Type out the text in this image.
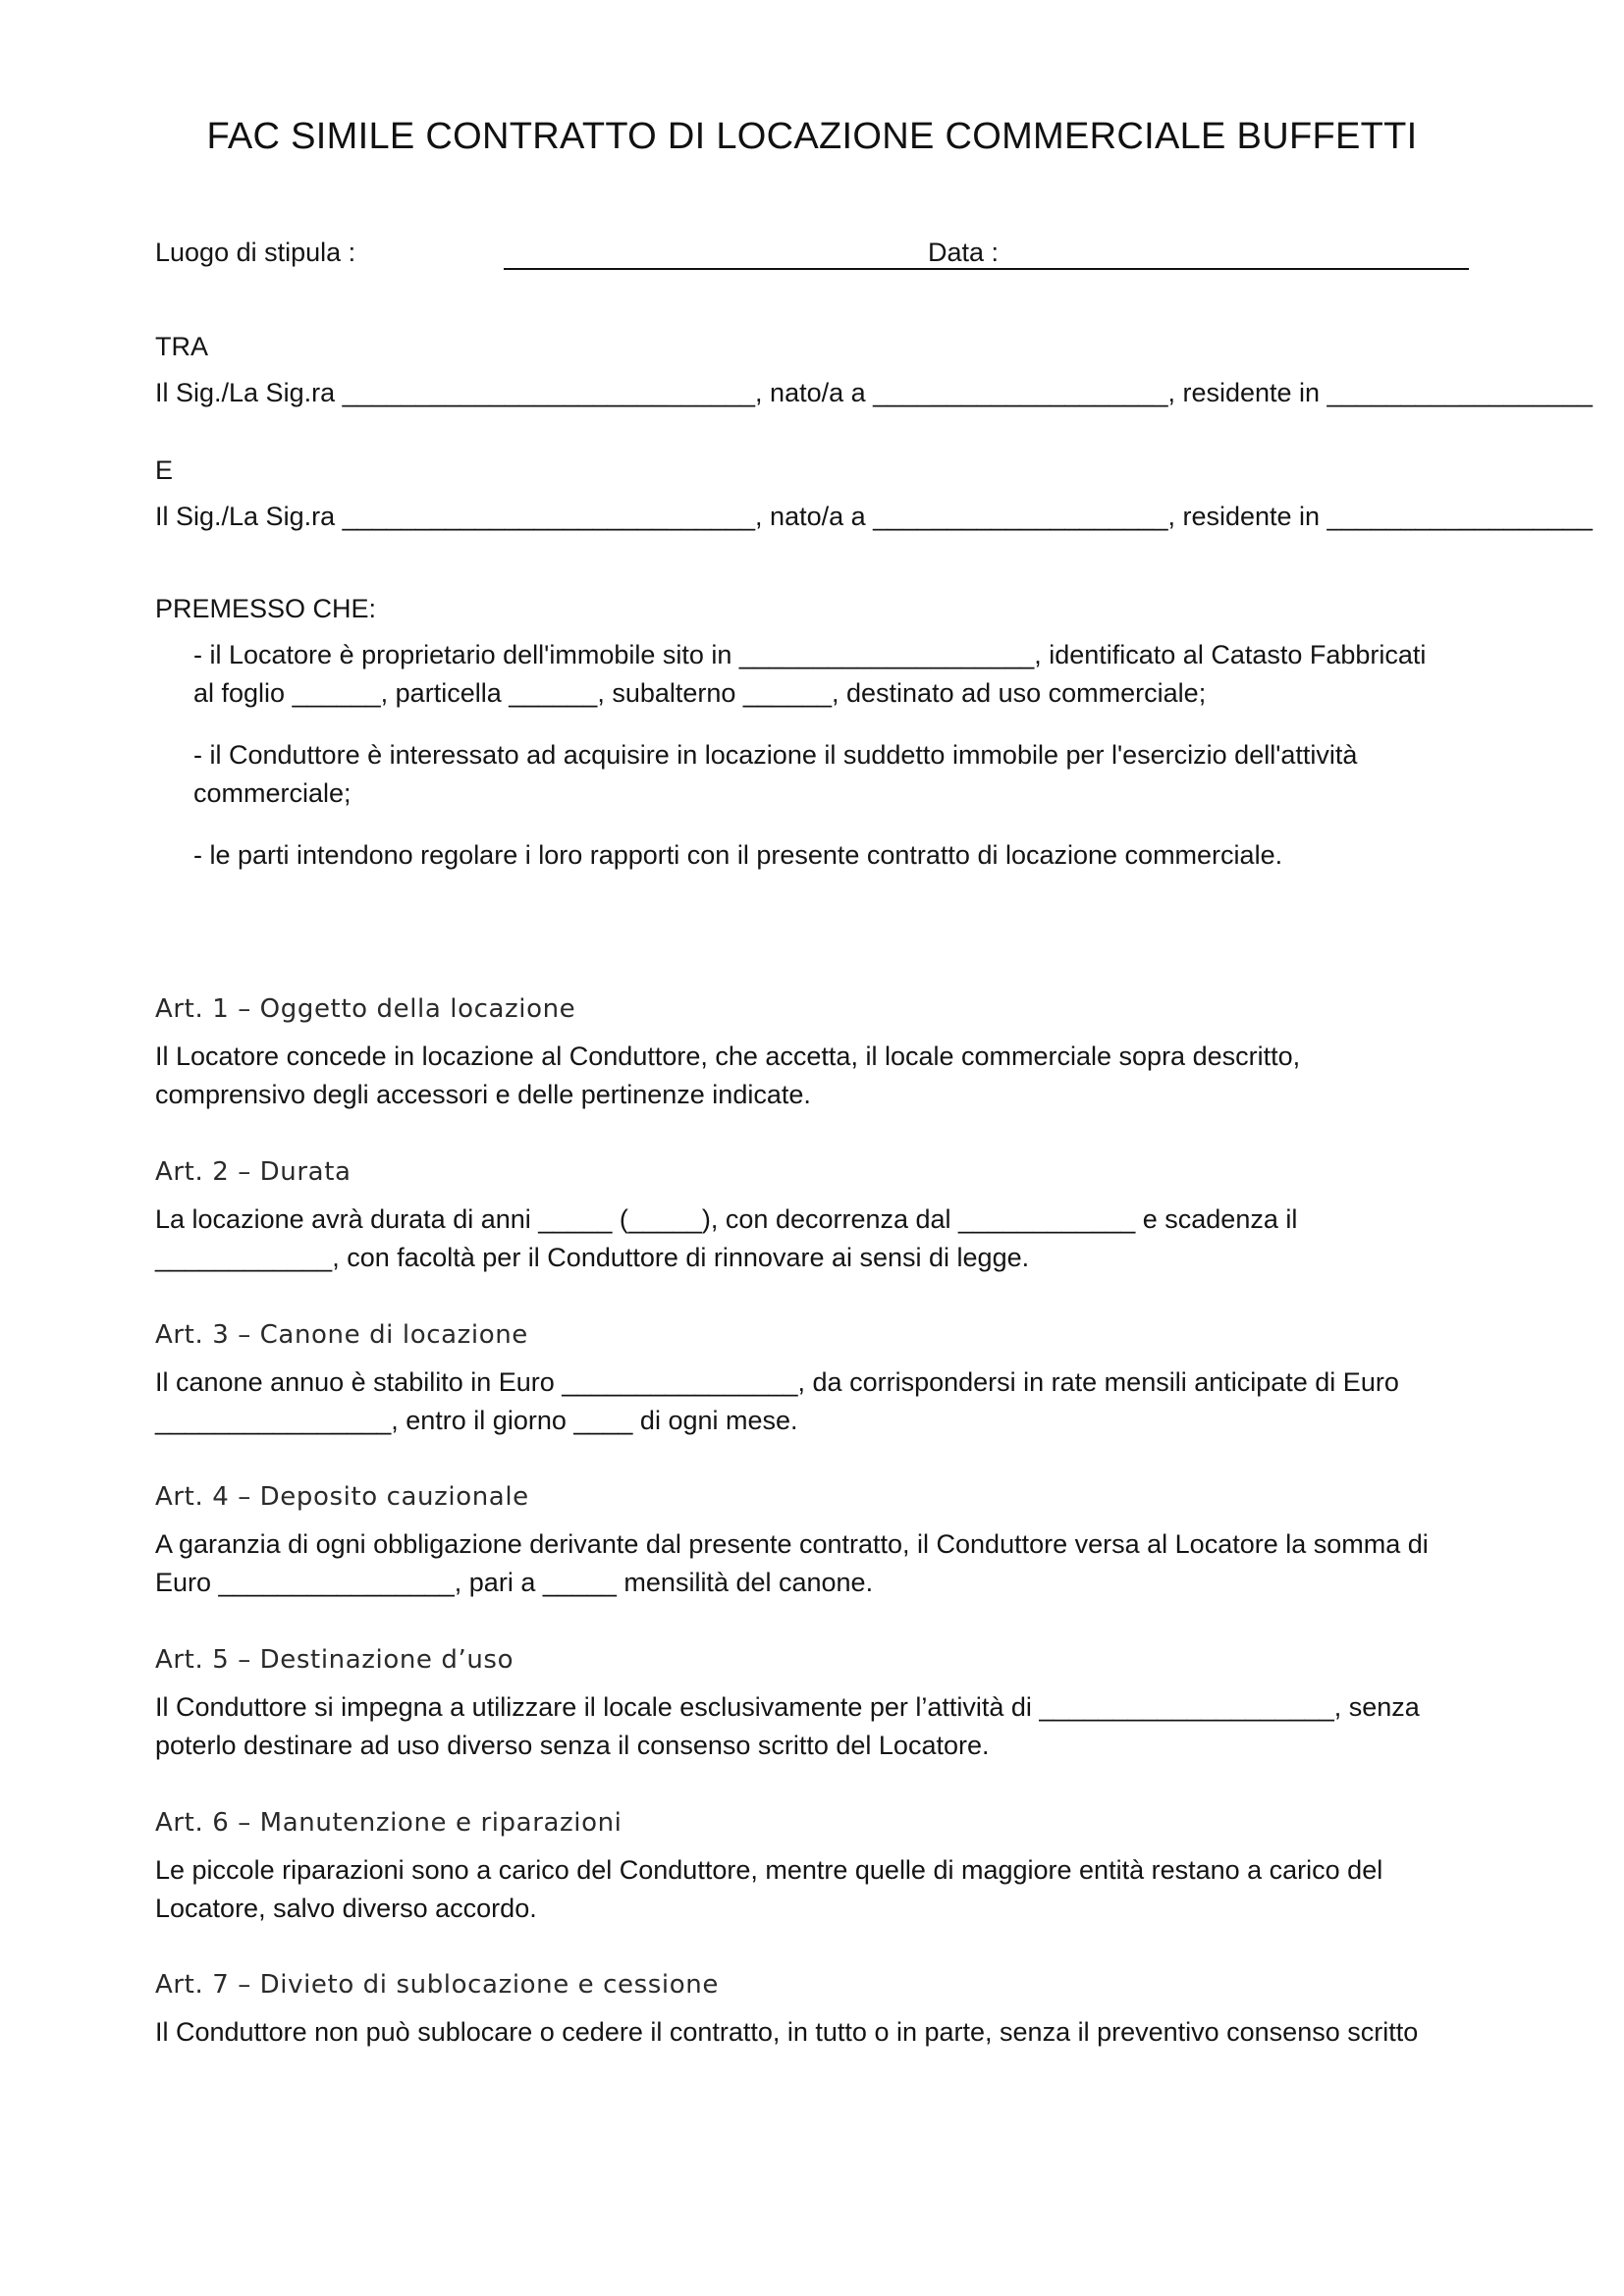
FAC SIMILE CONTRATTO DI LOCAZIONE COMMERCIALE BUFFETTI
Luogo di stipula :	Data :
TRA
Il Sig./La Sig.ra ____________________________, nato/a a ____________________, residente in __________________
E
Il Sig./La Sig.ra ____________________________, nato/a a ____________________, residente in __________________
PREMESSO CHE:
- il Locatore è proprietario dell'immobile sito in ____________________, identificato al Catasto Fabbricati
al foglio ______, particella ______, subalterno ______, destinato ad uso commerciale;
- il Conduttore è interessato ad acquisire in locazione il suddetto immobile per l'esercizio dell'attività
commerciale;
- le parti intendono regolare i loro rapporti con il presente contratto di locazione commerciale.
Art. 1 – Oggetto della locazione
Il Locatore concede in locazione al Conduttore, che accetta, il locale commerciale sopra descritto,
comprensivo degli accessori e delle pertinenze indicate.
Art. 2 – Durata
La locazione avrà durata di anni _____ (_____), con decorrenza dal ____________ e scadenza il
____________, con facoltà per il Conduttore di rinnovare ai sensi di legge.
Art. 3 – Canone di locazione
Il canone annuo è stabilito in Euro ________________, da corrispondersi in rate mensili anticipate di Euro
________________, entro il giorno ____ di ogni mese.
Art. 4 – Deposito cauzionale
A garanzia di ogni obbligazione derivante dal presente contratto, il Conduttore versa al Locatore la somma di
Euro ________________, pari a _____ mensilità del canone.
Art. 5 – Destinazione d’uso
Il Conduttore si impegna a utilizzare il locale esclusivamente per l’attività di ____________________, senza
poterlo destinare ad uso diverso senza il consenso scritto del Locatore.
Art. 6 – Manutenzione e riparazioni
Le piccole riparazioni sono a carico del Conduttore, mentre quelle di maggiore entità restano a carico del
Locatore, salvo diverso accordo.
Art. 7 – Divieto di sublocazione e cessione
Il Conduttore non può sublocare o cedere il contratto, in tutto o in parte, senza il preventivo consenso scritto
